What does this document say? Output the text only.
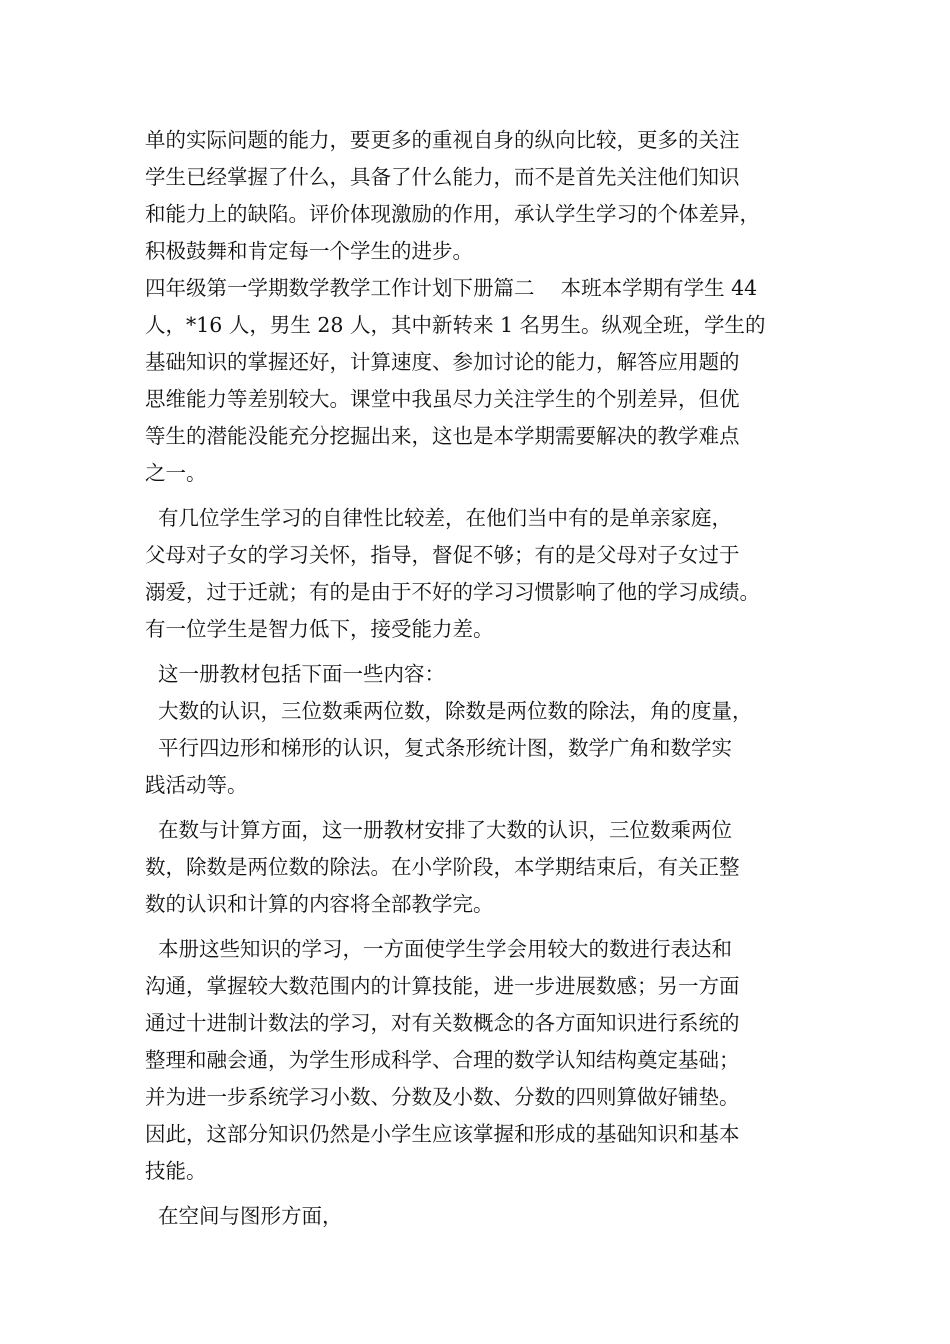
单的实际问题的能力，要更多的重视自身的纵向比较，更多的关注
学生已经掌握了什么，具备了什么能力，而不是首先关注他们知识
和能力上的缺陷。评价体现激励的作用，承认学生学习的个体差异，
积极鼓舞和肯定每一个学生的进步。
四年级第一学期数学教学工作计划下册篇二    本班本学期有学生 44
人，*16 人，男生 28 人，其中新转来 1 名男生。纵观全班，学生的
基础知识的掌握还好，计算速度、参加讨论的能力，解答应用题的
思维能力等差别较大。课堂中我虽尽力关注学生的个别差异，但优
等生的潜能没能充分挖掘出来，这也是本学期需要解决的教学难点
之一。
有几位学生学习的自律性比较差，在他们当中有的是单亲家庭，
父母对子女的学习关怀，指导，督促不够；有的是父母对子女过于
溺爱，过于迁就；有的是由于不好的学习习惯影响了他的学习成绩。
有一位学生是智力低下，接受能力差。
这一册教材包括下面一些内容：
大数的认识，三位数乘两位数，除数是两位数的除法，角的度量，
平行四边形和梯形的认识，复式条形统计图，数学广角和数学实
践活动等。
在数与计算方面，这一册教材安排了大数的认识，三位数乘两位
数，除数是两位数的除法。在小学阶段，本学期结束后，有关正整
数的认识和计算的内容将全部教学完。
本册这些知识的学习，一方面使学生学会用较大的数进行表达和
沟通，掌握较大数范围内的计算技能，进一步进展数感；另一方面
通过十进制计数法的学习，对有关数概念的各方面知识进行系统的
整理和融会通，为学生形成科学、合理的数学认知结构奠定基础；
并为进一步系统学习小数、分数及小数、分数的四则算做好铺垫。
因此，这部分知识仍然是小学生应该掌握和形成的基础知识和基本
技能。
在空间与图形方面，
